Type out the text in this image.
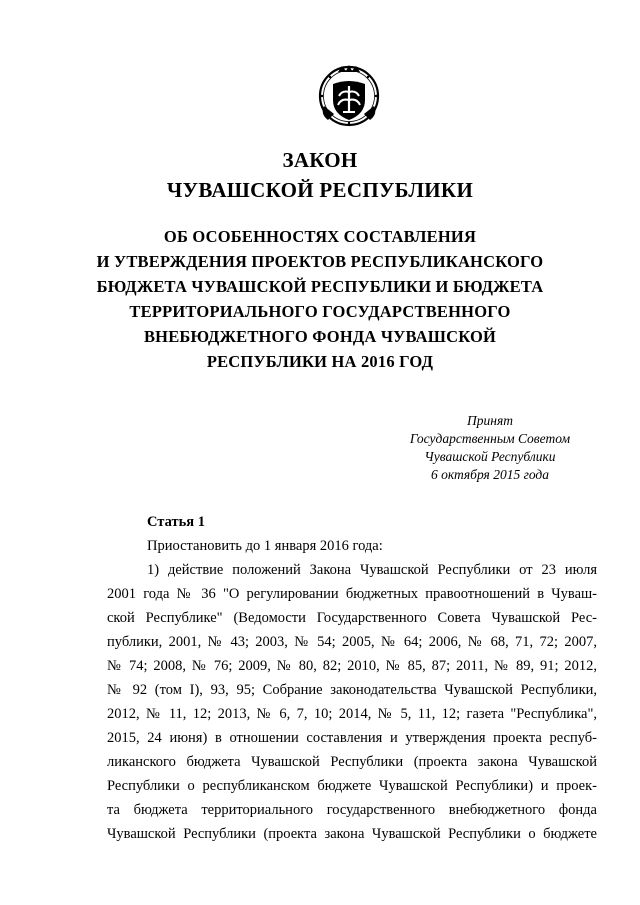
ЗАКОН
ЧУВАШСКОЙ РЕСПУБЛИКИ
ОБ ОСОБЕННОСТЯХ СОСТАВЛЕНИЯ
И УТВЕРЖДЕНИЯ ПРОЕКТОВ РЕСПУБЛИКАНСКОГО
БЮДЖЕТА ЧУВАШСКОЙ РЕСПУБЛИКИ И БЮДЖЕТА
ТЕРРИТОРИАЛЬНОГО ГОСУДАРСТВЕННОГО
ВНЕБЮДЖЕТНОГО ФОНДА ЧУВАШСКОЙ
РЕСПУБЛИКИ НА 2016 ГОД
Принят
Государственным Советом
Чувашской Республики
6 октября 2015 года
Статья 1
Приостановить до 1 января 2016 года:
1) действие положений Закона Чувашской Республики от 23 июля
2001 года № 36 "О регулировании бюджетных правоотношений в Чуваш-
ской Республике" (Ведомости Государственного Совета Чувашской Рес-
публики, 2001, № 43; 2003, № 54; 2005, № 64; 2006, № 68, 71, 72; 2007,
№ 74; 2008, № 76; 2009, № 80, 82; 2010, № 85, 87; 2011, № 89, 91; 2012,
№ 92 (том I), 93, 95; Собрание законодательства Чувашской Республики,
2012, № 11, 12; 2013, № 6, 7, 10; 2014, № 5, 11, 12; газета "Республика",
2015, 24 июня) в отношении составления и утверждения проекта респуб-
ликанского бюджета Чувашской Республики (проекта закона Чувашской
Республики о республиканском бюджете Чувашской Республики) и проек-
та бюджета территориального государственного внебюджетного фонда
Чувашской Республики (проекта закона Чувашской Республики о бюджете
